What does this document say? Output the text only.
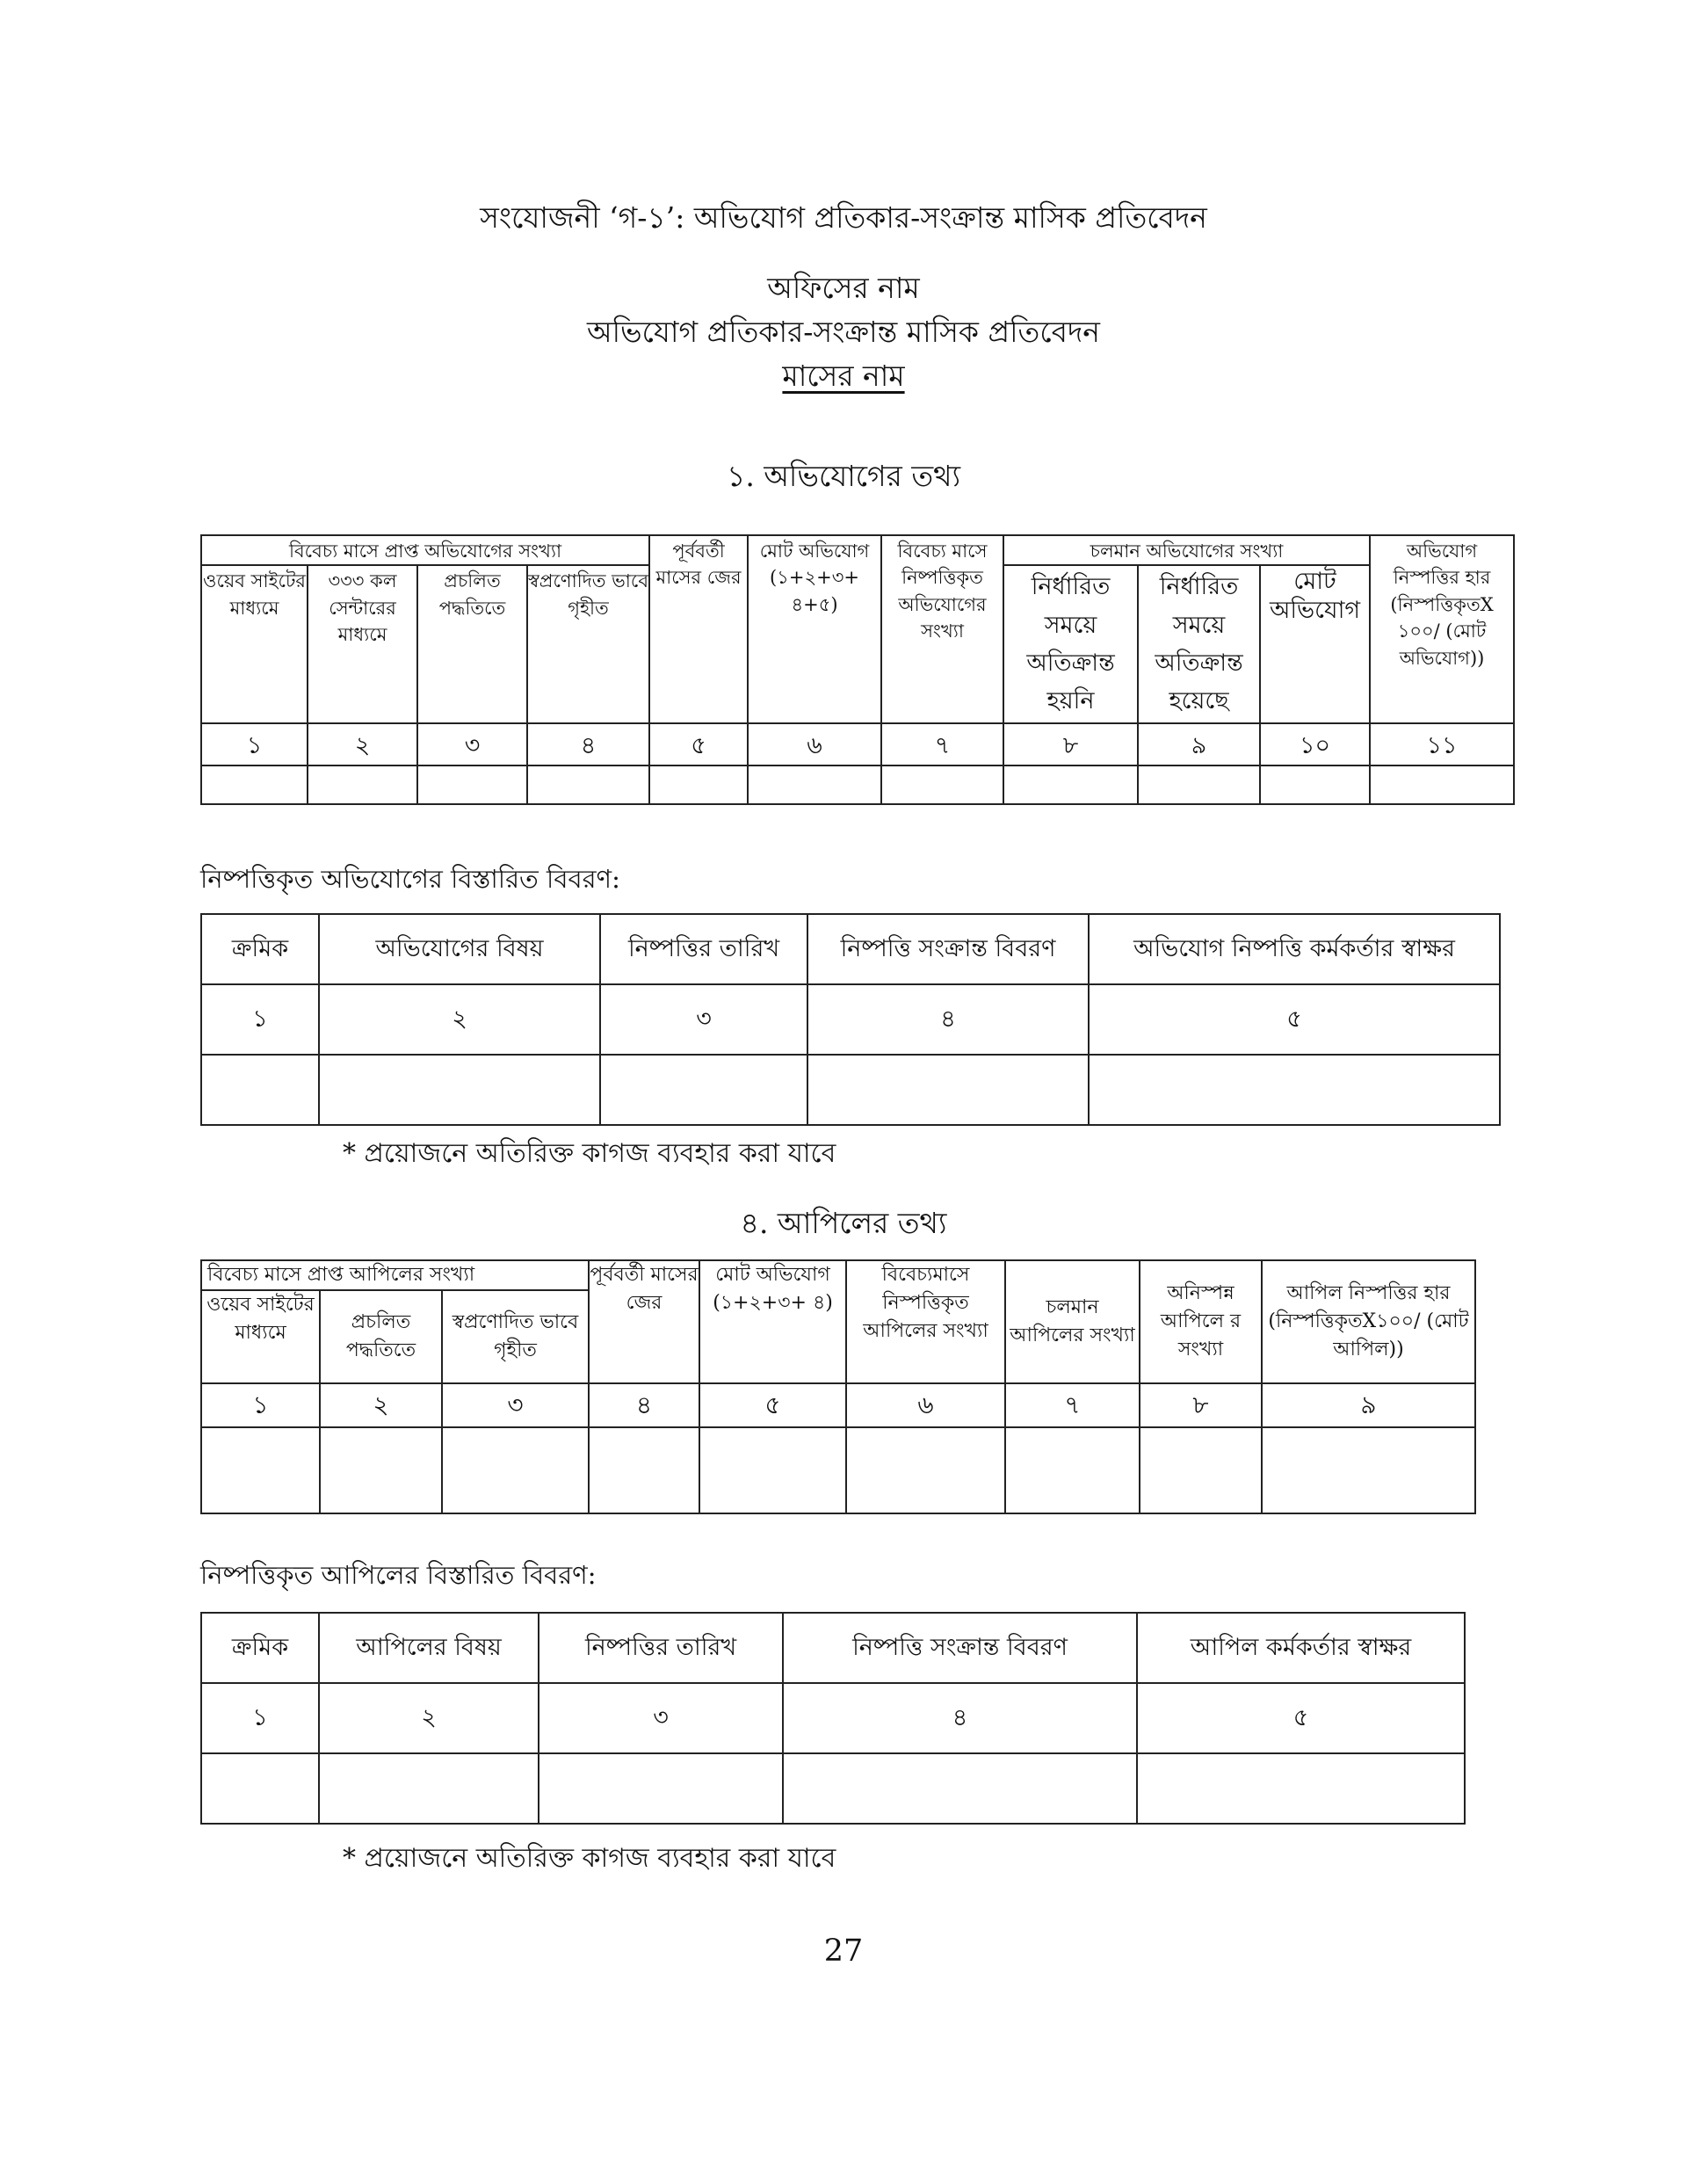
সংযোজনী ‘গ-১’: অভিযোগ প্রতিকার-সংক্রান্ত মাসিক প্রতিবেদন
অফিসের নাম
অভিযোগ প্রতিকার-সংক্রান্ত মাসিক প্রতিবেদন
মাসের নাম
১. অভিযোগের তথ্য
বিবেচ্য মাসে প্রাপ্ত অভিযোগের সংখ্যা				পূর্ববর্তী মাসের জের	মোট অভিযোগ (১+২+৩+ ৪+৫)	বিবেচ্য মাসে নিষ্পত্তিকৃত অভিযোগের সংখ্যা	চলমান অভিযোগের সংখ্যা			অভিযোগ নিস্পত্তির হার (নিস্পত্তিকৃতX ১০০/ (মোট অভিযোগ))
ওয়েব সাইটের মাধ্যমে	৩৩৩ কল সেন্টারের মাধ্যমে	প্রচলিত পদ্ধতিতে	স্বপ্রণোদিত ভাবে গৃহীত				নির্ধারিত সময়ে অতিক্রান্ত হয়নি	নির্ধারিত সময়ে অতিক্রান্ত হয়েছে	মোট অভিযোগ	

১	২	৩	৪	৫	৬	৭	৮	৯	১০	১১

নিষ্পত্তিকৃত অভিযোগের বিস্তারিত বিবরণ:
ক্রমিক	অভিযোগের বিষয়	নিষ্পত্তির তারিখ	নিষ্পত্তি সংক্রান্ত বিবরণ	অভিযোগ নিষ্পত্তি কর্মকর্তার স্বাক্ষর
১	২	৩	৪	৫

* প্রয়োজনে অতিরিক্ত কাগজ ব্যবহার করা যাবে
৪. আপিলের তথ্য
বিবেচ্য মাসে প্রাপ্ত আপিলের সংখ্যা			পূর্ববর্তী মাসের জের	মোট অভিযোগ (১+২+৩+ ৪)	বিবেচ্যমাসে নিস্পত্তিকৃত আপিলের সংখ্যা	চলমান আপিলের সংখ্যা	অনিস্পন্ন আপিলে র সংখ্যা	আপিল নিস্পত্তির হার (নিস্পত্তিকৃতX১০০/ (মোট আপিল))
ওয়েব সাইটের মাধ্যমে	প্রচলিত পদ্ধতিতে	স্বপ্রণোদিত ভাবে গৃহীত						
১	২	৩	৪	৫	৬	৭	৮	৯

নিষ্পত্তিকৃত আপিলের বিস্তারিত বিবরণ:
ক্রমিক	আপিলের বিষয়	নিষ্পত্তির তারিখ	নিষ্পত্তি সংক্রান্ত বিবরণ	আপিল কর্মকর্তার স্বাক্ষর
১	২	৩	৪	৫

* প্রয়োজনে অতিরিক্ত কাগজ ব্যবহার করা যাবে
27
